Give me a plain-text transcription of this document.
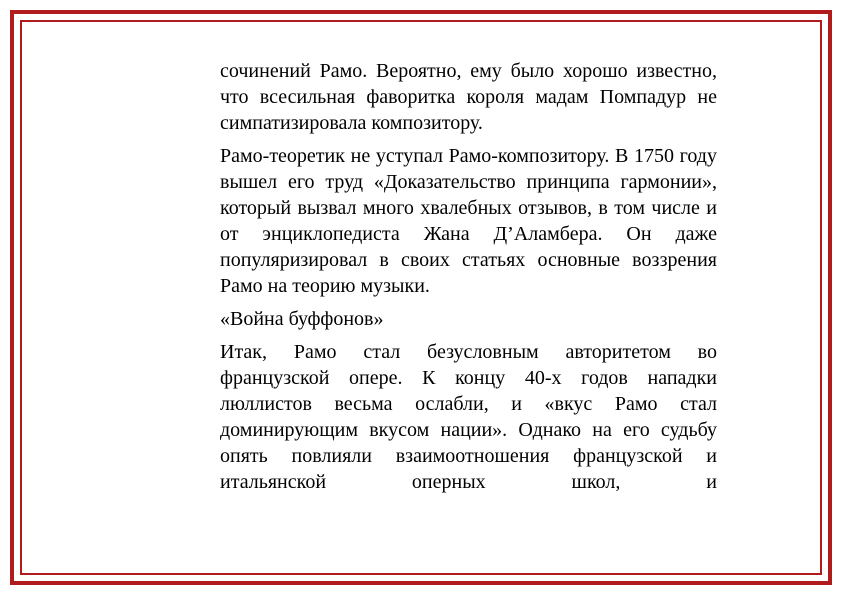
сочинений Рамо. Вероятно, ему было хорошо известно, что всесильная фаворитка короля мадам Помпадур не симпатизировала композитору.

Рамо-теоретик не уступал Рамо-композитору. В 1750 году вышел его труд «Доказательство принципа гармонии», который вызвал много хвалебных отзывов, в том числе и от энциклопедиста Жана Д’Аламбера. Он даже популяризировал в своих статьях основные воззрения Рамо на теорию музыки.

«Война буффонов»

Итак, Рамо стал безусловным авторитетом во французской опере. К концу 40-х годов нападки люллистов весьма ослабли, и «вкус Рамо стал доминирующим вкусом нации». Однако на его судьбу опять повлияли взаимоотношения французской и итальянской оперных школ, и
